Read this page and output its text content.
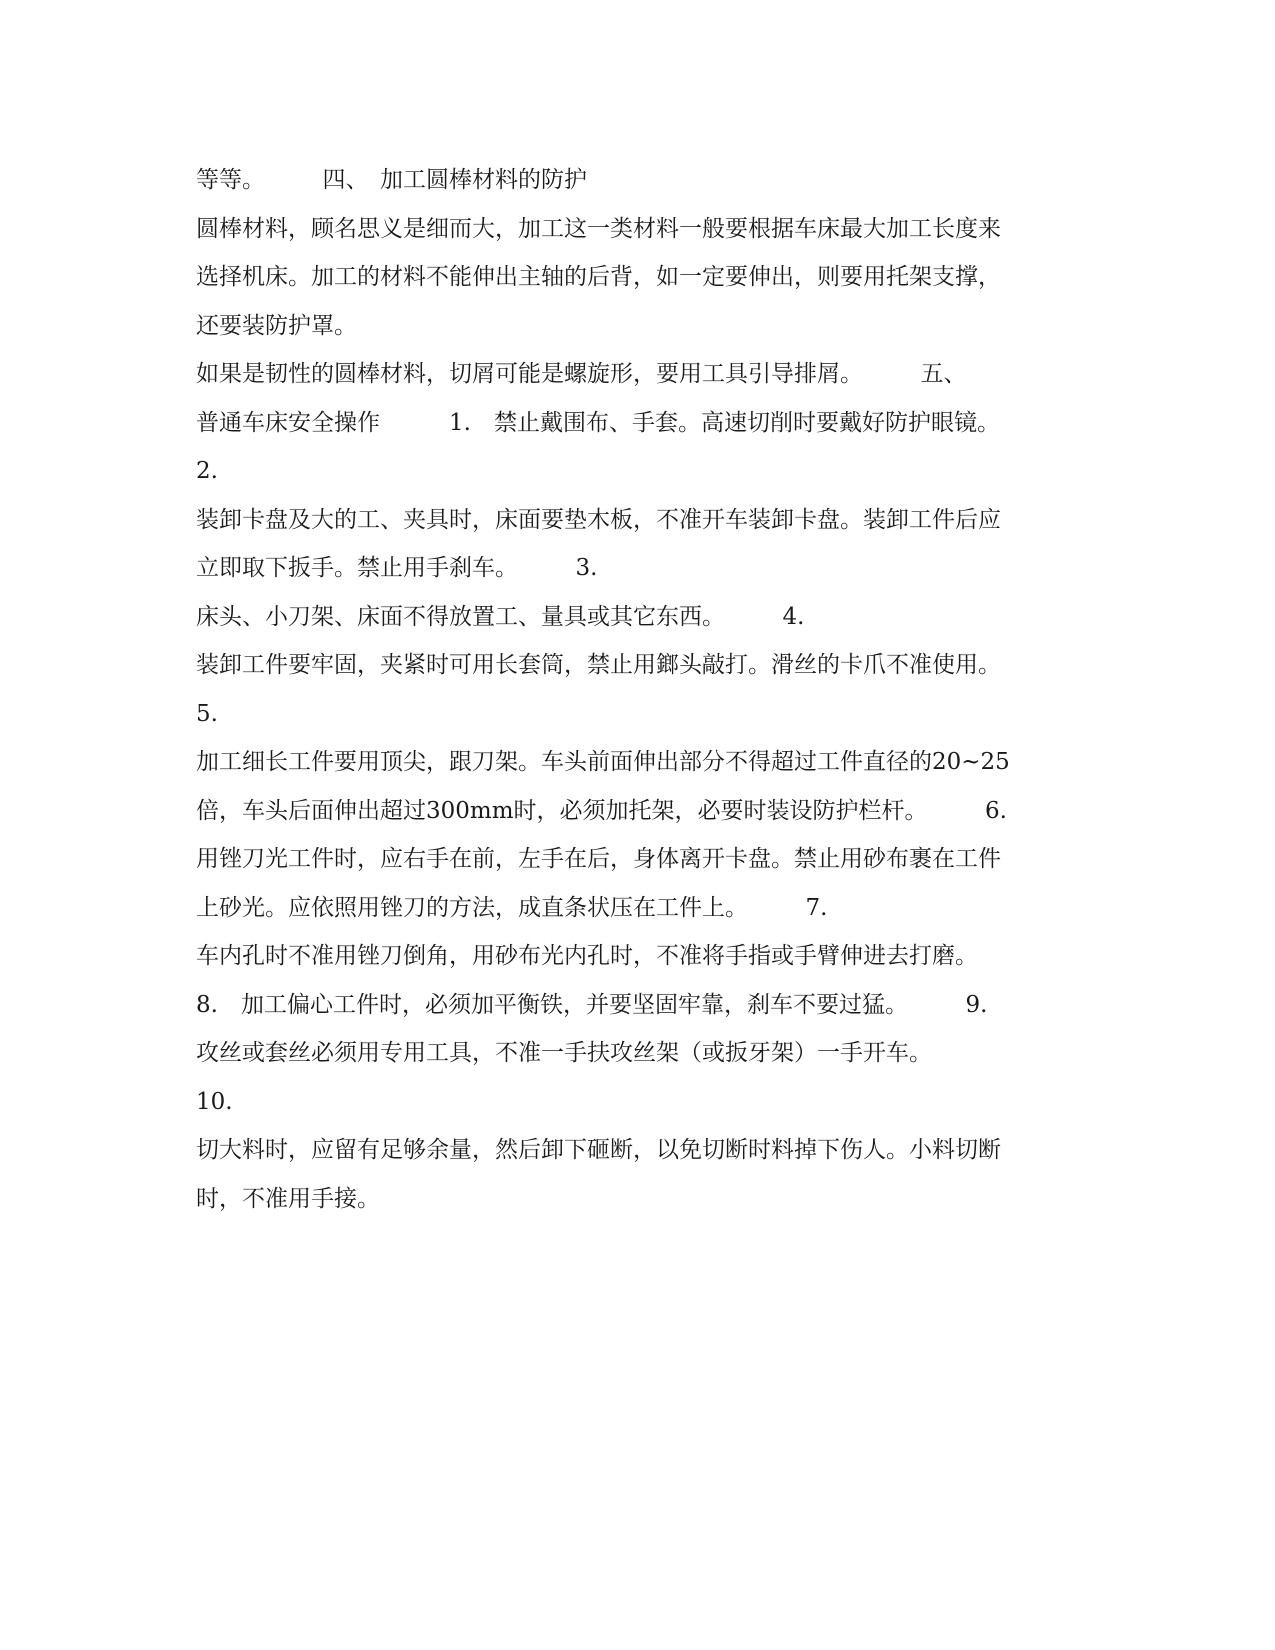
等等。　　　四、　加工圆棒材料的防护
圆棒材料，顾名思义是细而大，加工这一类材料一般要根据车床最大加工长度来
选择机床。加工的材料不能伸出主轴的后背，如一定要伸出，则要用托架支撑，
还要装防护罩。
如果是韧性的圆棒材料，切屑可能是螺旋形，要用工具引导排屑。　　　五、
普通车床安全操作　　　1.　禁止戴围布、手套。高速切削时要戴好防护眼镜。
2.
装卸卡盘及大的工、夹具时，床面要垫木板，不准开车装卸卡盘。装卸工件后应
立即取下扳手。禁止用手刹车。　　　3.
床头、小刀架、床面不得放置工、量具或其它东西。　　　4.
装卸工件要牢固，夹紧时可用长套筒，禁止用鎯头敲打。滑丝的卡爪不准使用。
5.
加工细长工件要用顶尖，跟刀架。车头前面伸出部分不得超过工件直径的20~25
倍，车头后面伸出超过300mm时，必须加托架，必要时装设防护栏杆。　　　6.
用锉刀光工件时，应右手在前，左手在后，身体离开卡盘。禁止用砂布裹在工件
上砂光。应依照用锉刀的方法，成直条状压在工件上。　　　7.
车内孔时不准用锉刀倒角，用砂布光内孔时，不准将手指或手臂伸进去打磨。
8.　加工偏心工件时，必须加平衡铁，并要坚固牢靠，刹车不要过猛。　　　9.
攻丝或套丝必须用专用工具，不准一手扶攻丝架（或扳牙架）一手开车。
10.
切大料时，应留有足够余量，然后卸下砸断，以免切断时料掉下伤人。小料切断
时，不准用手接。
